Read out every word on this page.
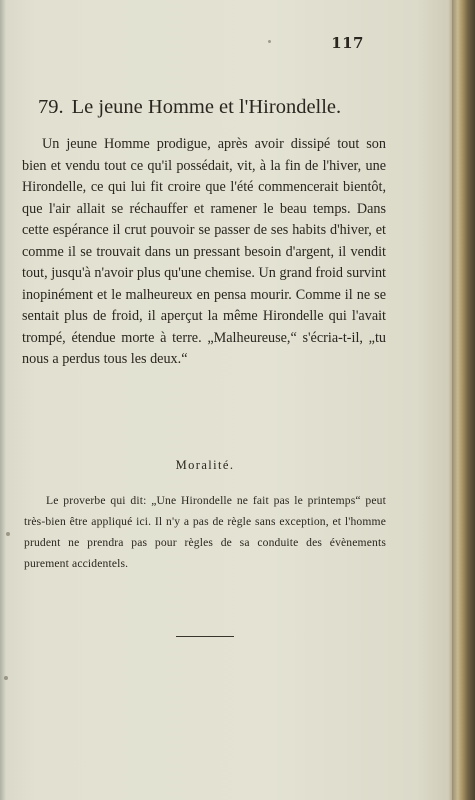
117
79. Le jeune Homme et l'Hirondelle.
Un jeune Homme prodigue, après avoir dissipé tout son bien et vendu tout ce qu'il possédait, vit, à la fin de l'hiver, une Hirondelle, ce qui lui fit croire que l'été commencerait bientôt, que l'air allait se réchauffer et ramener le beau temps. Dans cette espérance il crut pouvoir se passer de ses habits d'hiver, et comme il se trouvait dans un pressant besoin d'argent, il vendit tout, jusqu'à n'avoir plus qu'une chemise. Un grand froid survint inopinément et le malheureux en pensa mourir. Comme il ne se sentait plus de froid, il aperçut la même Hirondelle qui l'avait trompé, étendue morte à terre. „Malheureuse,“ s'écria-t-il, „tu nous a perdus tous les deux.“
Moralité.
Le proverbe qui dit: „Une Hirondelle ne fait pas le printemps“ peut très-bien être appliqué ici. Il n'y a pas de règle sans exception, et l'homme prudent ne prendra pas pour règles de sa conduite des évènements purement accidentels.
